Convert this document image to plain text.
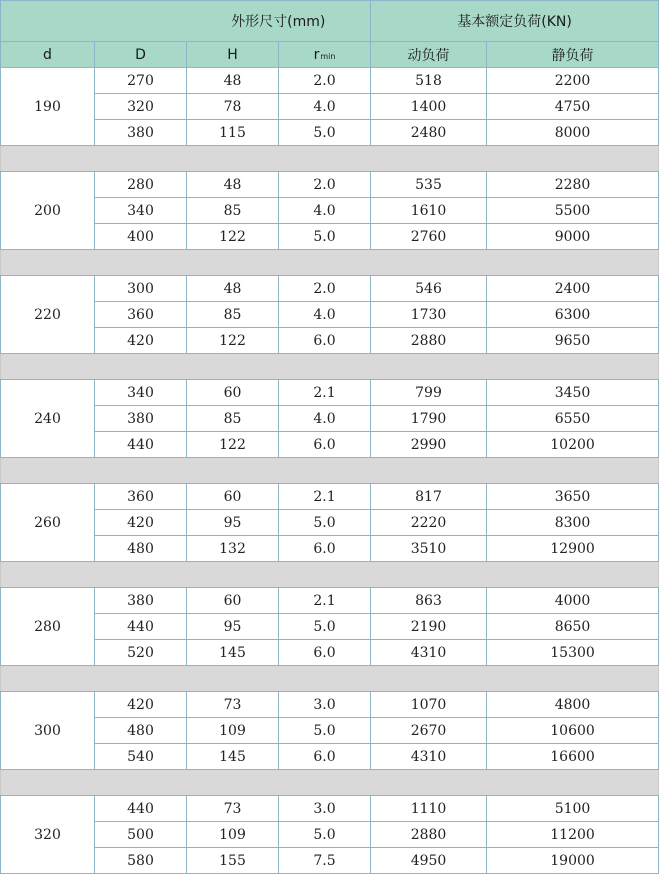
		外形尺寸(mm)		基本额定负荷(KN)	
d	D	H	rmin	动负荷	静负荷
190	270	48	2.0	518	2200
	320	78	4.0	1400	4750
	380	115	5.0	2480	8000

200	280	48	2.0	535	2280
	340	85	4.0	1610	5500
	400	122	5.0	2760	9000

220	300	48	2.0	546	2400
	360	85	4.0	1730	6300
	420	122	6.0	2880	9650

240	340	60	2.1	799	3450
	380	85	4.0	1790	6550
	440	122	6.0	2990	10200

260	360	60	2.1	817	3650
	420	95	5.0	2220	8300
	480	132	6.0	3510	12900

280	380	60	2.1	863	4000
	440	95	5.0	2190	8650
	520	145	6.0	4310	15300

300	420	73	3.0	1070	4800
	480	109	5.0	2670	10600
	540	145	6.0	4310	16600

320	440	73	3.0	1110	5100
	500	109	5.0	2880	11200
	580	155	7.5	4950	19000
